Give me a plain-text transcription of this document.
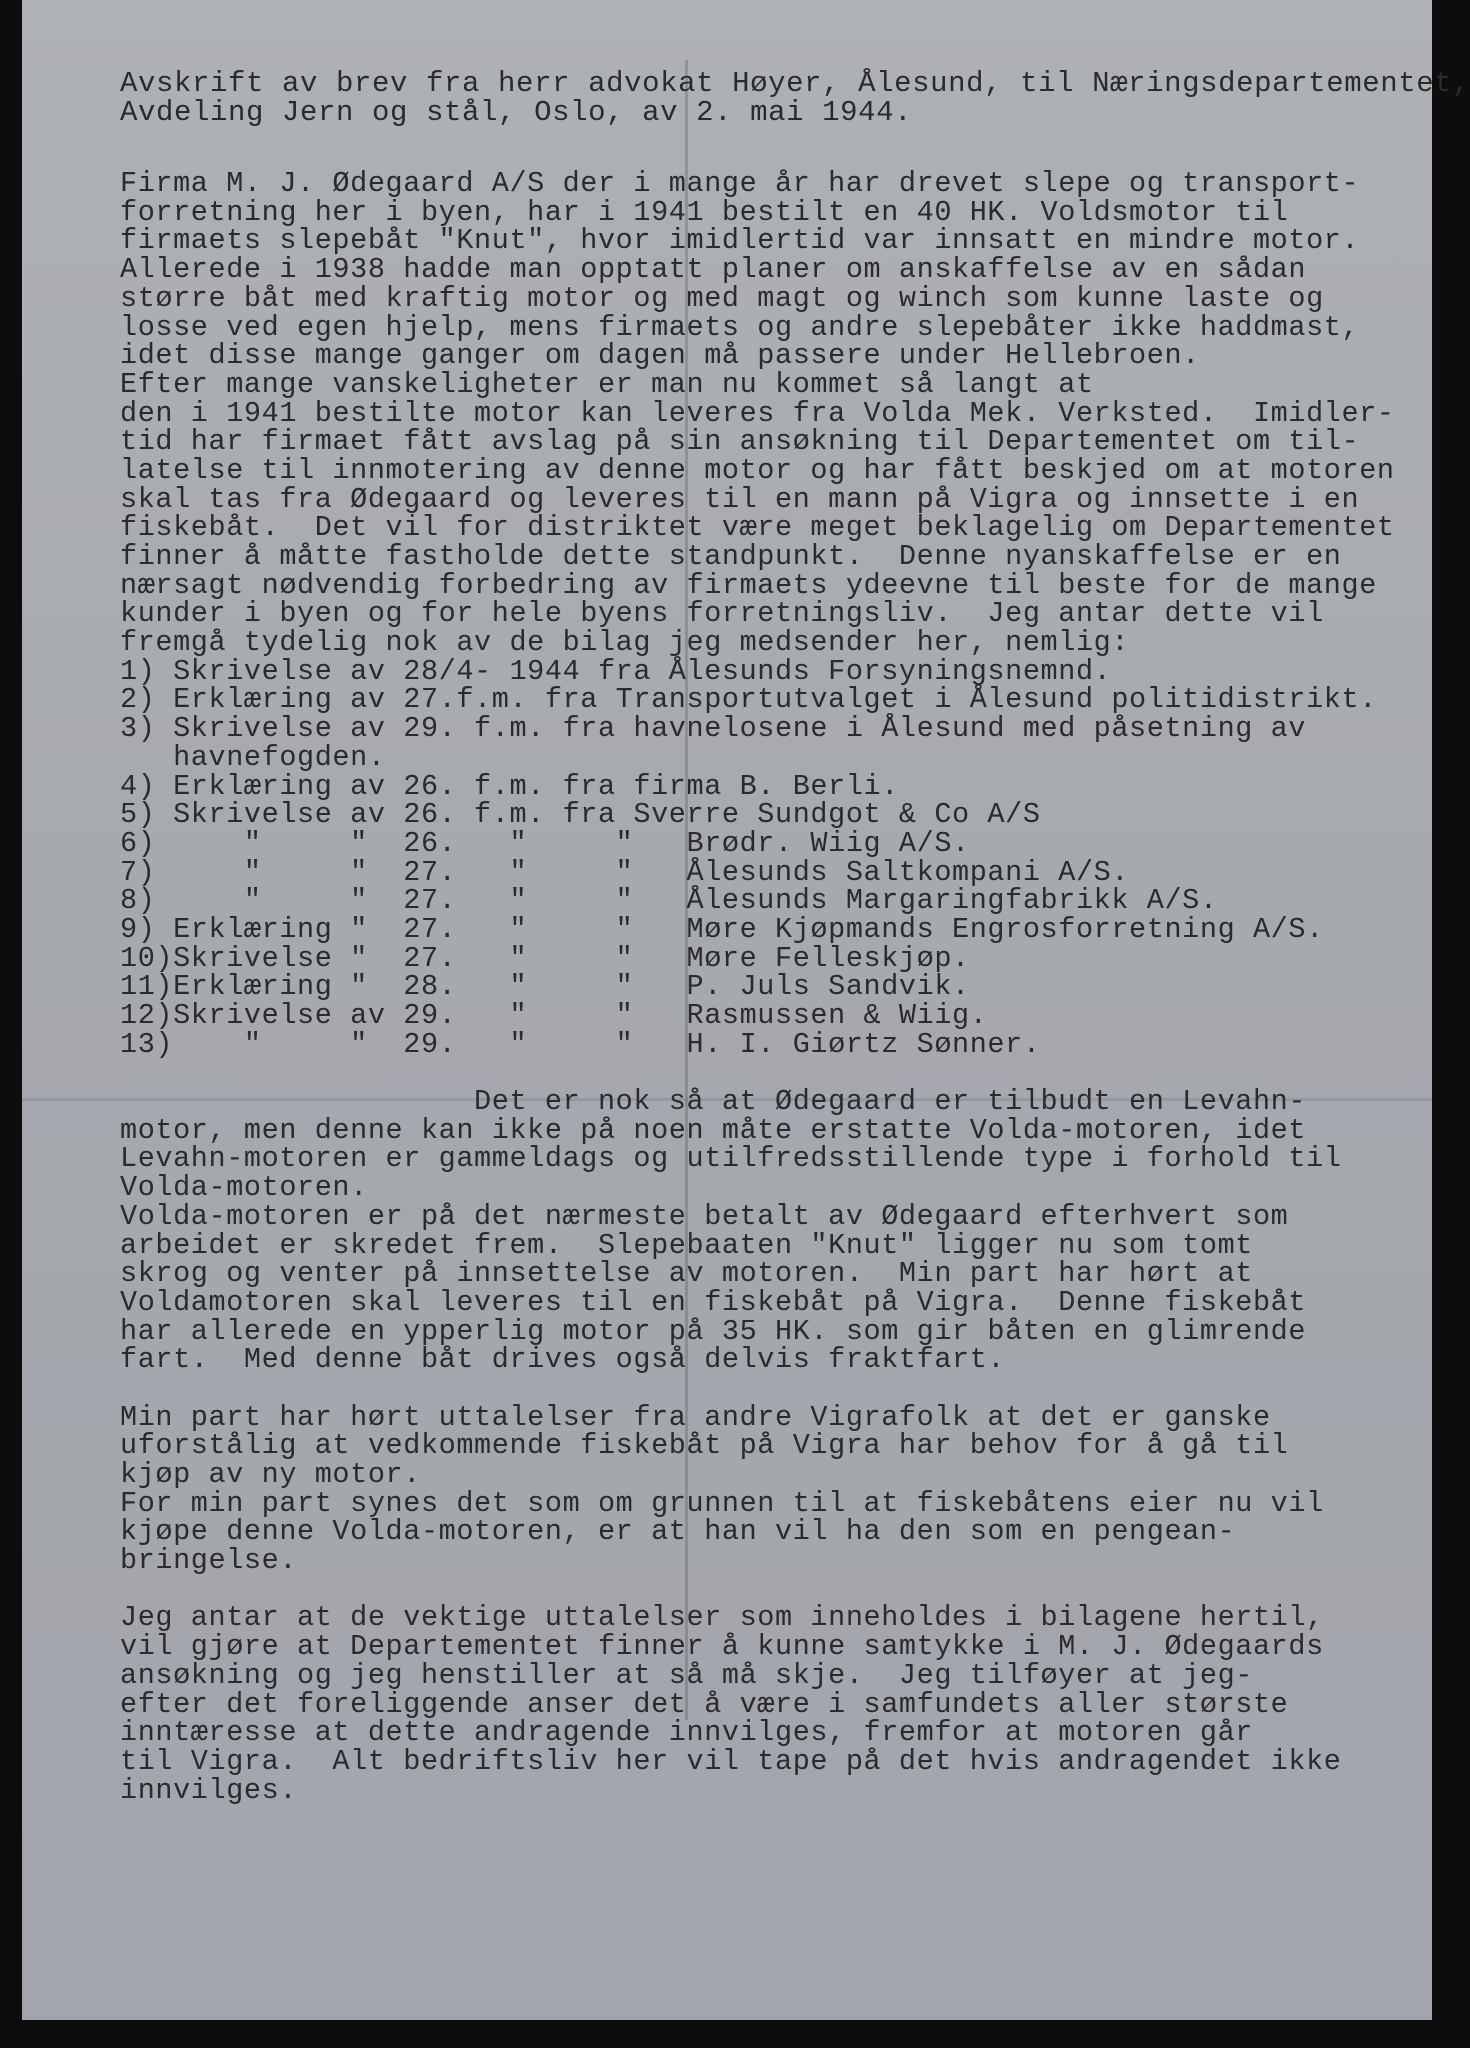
Avskrift av brev fra herr advokat Høyer, Ålesund, til Næringsdepartementet,
Avdeling Jern og stål, Oslo, av 2. mai 1944.
Firma M. J. Ødegaard A/S der i mange år har drevet slepe og transport-
forretning her i byen, har i 1941 bestilt en 40 HK. Voldsmotor til
firmaets slepebåt "Knut", hvor imidlertid var innsatt en mindre motor.
Allerede i 1938 hadde man opptatt planer om anskaffelse av en sådan
større båt med kraftig motor og med magt og winch som kunne laste og
losse ved egen hjelp, mens firmaets og andre slepebåter ikke haddmast,
idet disse mange ganger om dagen må passere under Hellebroen.
Efter mange vanskeligheter er man nu kommet så langt at
den i 1941 bestilte motor kan leveres fra Volda Mek. Verksted.  Imidler-
tid har firmaet fått avslag på sin ansøkning til Departementet om til-
latelse til innmotering av denne motor og har fått beskjed om at motoren
skal tas fra Ødegaard og leveres til en mann på Vigra og innsette i en
fiskebåt.  Det vil for distriktet være meget beklagelig om Departementet
finner å måtte fastholde dette standpunkt.  Denne nyanskaffelse er en
nærsagt nødvendig forbedring av firmaets ydeevne til beste for de mange
kunder i byen og for hele byens forretningsliv.  Jeg antar dette vil
fremgå tydelig nok av de bilag jeg medsender her, nemlig:
1) Skrivelse av 28/4- 1944 fra Ålesunds Forsyningsnemnd.
2) Erklæring av 27.f.m. fra Transportutvalget i Ålesund politidistrikt.
3) Skrivelse av 29. f.m. fra havnelosene i Ålesund med påsetning av
havnefogden.
4) Erklæring av 26. f.m. fra firma B. Berli.
5) Skrivelse av 26. f.m. fra Sverre Sundgot & Co A/S
6)     "     "  26.   "     "   Brødr. Wiig A/S.
7)     "     "  27.   "     "   Ålesunds Saltkompani A/S.
8)     "     "  27.   "     "   Ålesunds Margaringfabrikk A/S.
9) Erklæring "  27.   "     "   Møre Kjøpmands Engrosforretning A/S.
10)Skrivelse "  27.   "     "   Møre Felleskjøp.
11)Erklæring "  28.   "     "   P. Juls Sandvik.
12)Skrivelse av 29.   "     "   Rasmussen & Wiig.
13)    "     "  29.   "     "   H. I. Giørtz Sønner.
Det er nok så at Ødegaard er tilbudt en Levahn-
motor, men denne kan ikke på noen måte erstatte Volda-motoren, idet
Levahn-motoren er gammeldags og utilfredsstillende type i forhold til
Volda-motoren.
Volda-motoren er på det nærmeste betalt av Ødegaard efterhvert som
arbeidet er skredet frem.  Slepebaaten "Knut" ligger nu som tomt
skrog og venter på innsettelse av motoren.  Min part har hørt at
Voldamotoren skal leveres til en fiskebåt på Vigra.  Denne fiskebåt
har allerede en ypperlig motor på 35 HK. som gir båten en glimrende
fart.  Med denne båt drives også delvis fraktfart.
Min part har hørt uttalelser fra andre Vigrafolk at det er ganske
uforstålig at vedkommende fiskebåt på Vigra har behov for å gå til
kjøp av ny motor.
For min part synes det som om grunnen til at fiskebåtens eier nu vil
kjøpe denne Volda-motoren, er at han vil ha den som en pengean-
bringelse.
Jeg antar at de vektige uttalelser som inneholdes i bilagene hertil,
vil gjøre at Departementet finner å kunne samtykke i M. J. Ødegaards
ansøkning og jeg henstiller at så må skje.  Jeg tilføyer at jeg-
efter det foreliggende anser det å være i samfundets aller største
inntæresse at dette andragende innvilges, fremfor at motoren går
til Vigra.  Alt bedriftsliv her vil tape på det hvis andragendet ikke
innvilges.
